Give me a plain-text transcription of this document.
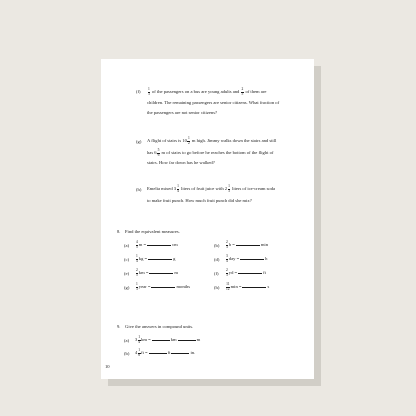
$(f) \frac{1}{3}$ of the passengers on a bus are young adults and $\frac{2}{5}$ of them are
children. The remaining passengers are senior citizens. What fraction of
the passengers are not senior citizens?
(g) A flight of stairs is $10 \frac{1}{2}$ m high. Jimmy walks down the stairs and still
has $6 \frac{5}{6}$ m of stairs to go before he reaches the bottom of the flight of
stairs. How far down has he walked?
(h) Emelia mixed $3 \frac{1}{4}$ liters of fruit juice with $2 \frac{1}{3}$ liters of ice-cream soda
to make fruit punch. How much fruit punch did she mix?
8. Find the equivalent measures.
9. Give the answers in compound units.
10
$(a) \frac{4}{5}$ m =	cm	$(b) \frac{2}{3}$ h =	min
$(c) \frac{1}{4}$ kg =	g	$(d) \frac{3}{4}$ day =	h
$(e) \frac{2}{5}$ km =	m	$(f) \frac{2}{3}$ yd =	ft
$(g) \frac{1}{3}$ year =	months	$(h) \frac{11}{12}$ min =	s
(a) $3 \frac{1}{4}$ km =	km	m
(b) $4 \frac{1}{6}$ ft =	ft	in.
